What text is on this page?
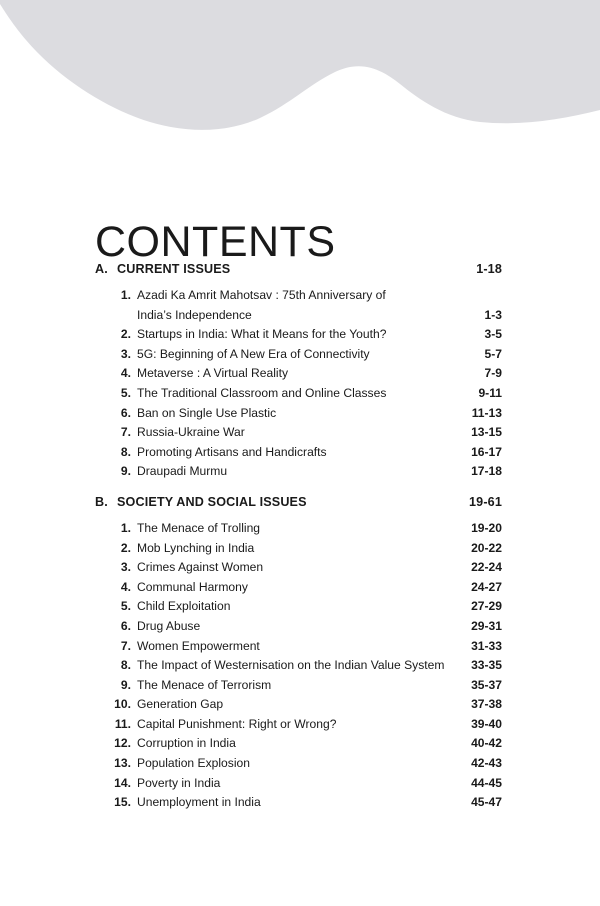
CONTENTS
A. CURRENT ISSUES	1-18
1 . Azadi Ka Amrit Mahotsav : 75th Anniversary of
India’s Independence	1-3
2 . Startups in India: What it Means for the Youth?	3-5
3 . 5G: Beginning of A New Era of Connectivity	5-7
4 . Metaverse : A Virtual Reality	7-9
5 . The Traditional Classroom and Online Classes	9-11
6 . Ban on Single Use Plastic	11-13
7 . Russia-Ukraine War	13-15
8 . Promoting Artisans and Handicrafts	16-17
9 . Draupadi Murmu	17-18
B. SOCIETY AND SOCIAL ISSUES	19-61
1 . The Menace of Trolling	19-20
2 . Mob Lynching in India	20-22
3 . Crimes Against Women	22-24
4 . Communal Harmony	24-27
5 . Child Exploitation	27-29
6 . Drug Abuse	29-31
7 . Women Empowerment	31-33
8 . The Impact of Westernisation on the Indian Value System	33-35
9 . The Menace of Terrorism	35-37
10 . Generation Gap	37-38
11 . Capital Punishment: Right or Wrong?	39-40
12 . Corruption in India	40-42
13 . Population Explosion	42-43
14 . Poverty in India	44-45
15 . Unemployment in India	45-47
